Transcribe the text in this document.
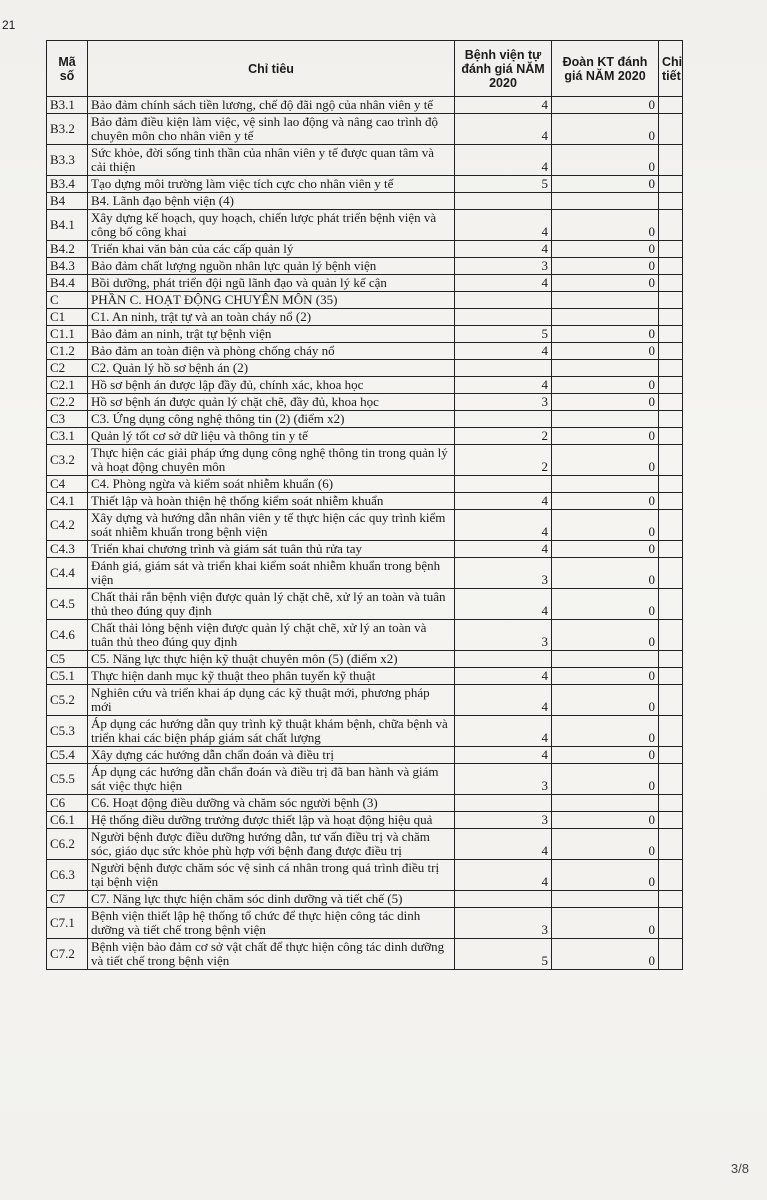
21
Mã số	Chỉ tiêu	Bệnh viện tự đánh giá NĂM 2020	Đoàn KT đánh giá NĂM 2020	Chi tiết
B3.1	Bảo đảm chính sách tiền lương, chế độ đãi ngộ của nhân viên y tế	4	0	
B3.2	Bảo đảm điều kiện làm việc, vệ sinh lao động và nâng cao trình độ chuyên môn cho nhân viên y tế	4	0	
B3.3	Sức khỏe, đời sống tinh thần của nhân viên y tế được quan tâm và cải thiện	4	0	
B3.4	Tạo dựng môi trường làm việc tích cực cho nhân viên y tế	5	0	
B4	B4. Lãnh đạo bệnh viện (4)			
B4.1	Xây dựng kế hoạch, quy hoạch, chiến lược phát triển bệnh viện và công bố công khai	4	0	
B4.2	Triển khai văn bản của các cấp quản lý	4	0	
B4.3	Bảo đảm chất lượng nguồn nhân lực quản lý bệnh viện	3	0	
B4.4	Bồi dưỡng, phát triển đội ngũ lãnh đạo và quản lý kế cận	4	0	
C	PHẦN C. HOẠT ĐỘNG CHUYÊN MÔN (35)			
C1	C1. An ninh, trật tự và an toàn cháy nổ (2)			
C1.1	Bảo đảm an ninh, trật tự bệnh viện	5	0	
C1.2	Bảo đảm an toàn điện và phòng chống cháy nổ	4	0	
C2	C2. Quản lý hồ sơ bệnh án (2)			
C2.1	Hồ sơ bệnh án được lập đầy đủ, chính xác, khoa học	4	0	
C2.2	Hồ sơ bệnh án được quản lý chặt chẽ, đầy đủ, khoa học	3	0	
C3	C3. Ứng dụng công nghệ thông tin (2) (điểm x2)			
C3.1	Quản lý tốt cơ sở dữ liệu và thông tin y tế	2	0	
C3.2	Thực hiện các giải pháp ứng dụng công nghệ thông tin trong quản lý và hoạt động chuyên môn	2	0	
C4	C4. Phòng ngừa và kiểm soát nhiễm khuẩn (6)			
C4.1	Thiết lập và hoàn thiện hệ thống kiểm soát nhiễm khuẩn	4	0	
C4.2	Xây dựng và hướng dẫn nhân viên y tế thực hiện các quy trình kiểm soát nhiễm khuẩn trong bệnh viện	4	0	
C4.3	Triển khai chương trình và giám sát tuân thủ rửa tay	4	0	
C4.4	Đánh giá, giám sát và triển khai kiểm soát nhiễm khuẩn trong bệnh viện	3	0	
C4.5	Chất thải rắn bệnh viện được quản lý chặt chẽ, xử lý an toàn và tuân thủ theo đúng quy định	4	0	
C4.6	Chất thải lỏng bệnh viện được quản lý chặt chẽ, xử lý an toàn và tuân thủ theo đúng quy định	3	0	
C5	C5. Năng lực thực hiện kỹ thuật chuyên môn (5) (điểm x2)			
C5.1	Thực hiện danh mục kỹ thuật theo phân tuyến kỹ thuật	4	0	
C5.2	Nghiên cứu và triển khai áp dụng các kỹ thuật mới, phương pháp mới	4	0	
C5.3	Áp dụng các hướng dẫn quy trình kỹ thuật khám bệnh, chữa bệnh và triển khai các biện pháp giám sát chất lượng	4	0	
C5.4	Xây dựng các hướng dẫn chẩn đoán và điều trị	4	0	
C5.5	Áp dụng các hướng dẫn chẩn đoán và điều trị đã ban hành và giám sát việc thực hiện	3	0	
C6	C6. Hoạt động điều dưỡng và chăm sóc người bệnh (3)			
C6.1	Hệ thống điều dưỡng trưởng được thiết lập và hoạt động hiệu quả	3	0	
C6.2	Người bệnh được điều dưỡng hướng dẫn, tư vấn điều trị và chăm sóc, giáo dục sức khỏe phù hợp với bệnh đang được điều trị	4	0	
C6.3	Người bệnh được chăm sóc vệ sinh cá nhân trong quá trình điều trị tại bệnh viện	4	0	
C7	C7. Năng lực thực hiện chăm sóc dinh dưỡng và tiết chế (5)			
C7.1	Bệnh viện thiết lập hệ thống tổ chức để thực hiện công tác dinh dưỡng và tiết chế trong bệnh viện	3	0	
C7.2	Bệnh viện bảo đảm cơ sở vật chất để thực hiện công tác dinh dưỡng và tiết chế trong bệnh viện	5	0	
3/8
